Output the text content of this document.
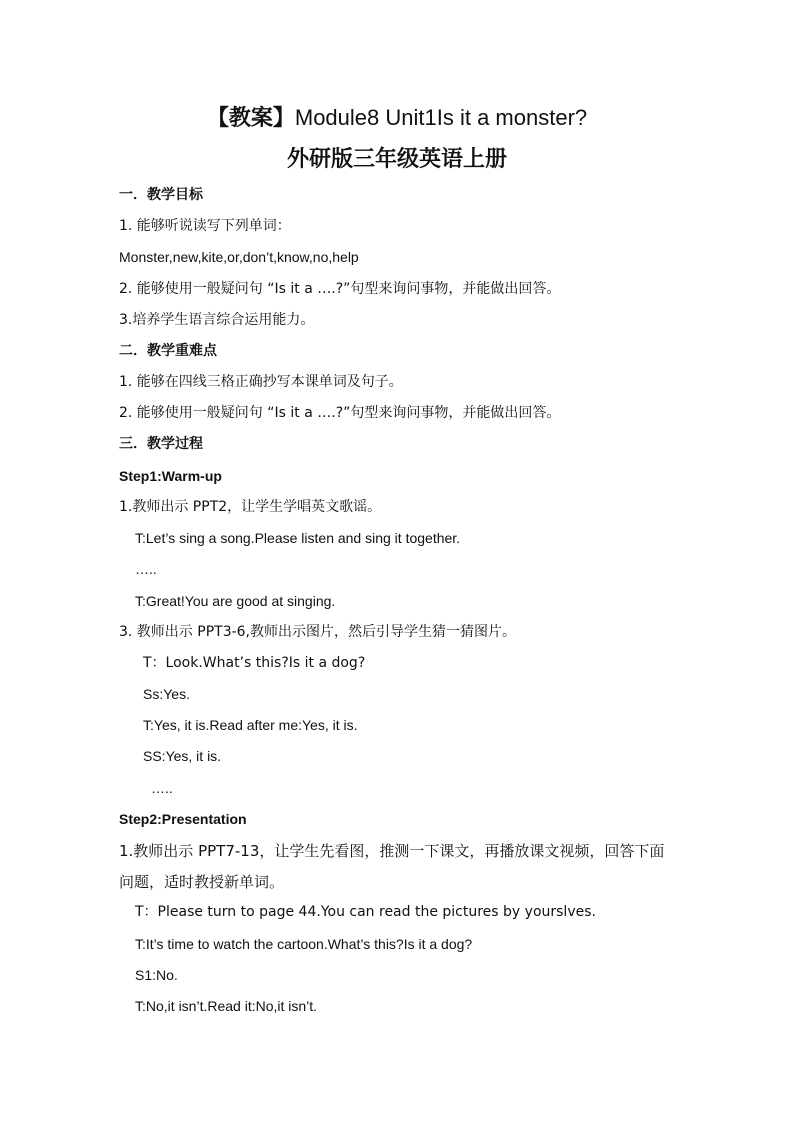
【教案】Module8 Unit1Is it a monster?
外研版三年级英语上册
一．教学目标
1. 能够听说读写下列单词：
Monster,new,kite,or,don’t,know,no,help
2. 能够使用一般疑问句 “Is it a ….?”句型来询问事物，并能做出回答。
3.培养学生语言综合运用能力。
二．教学重难点
1. 能够在四线三格正确抄写本课单词及句子。
2. 能够使用一般疑问句 “Is it a ….?”句型来询问事物，并能做出回答。
三．教学过程
Step1:Warm-up
1.教师出示 PPT2，让学生学唱英文歌谣。
T:Let’s sing a song.Please listen and sing it together.
…..
T:Great!You are good at singing.
3. 教师出示 PPT3-6,教师出示图片，然后引导学生猜一猜图片。
T：Look.What’s this?Is it a dog?
Ss:Yes.
T:Yes, it is.Read after me:Yes, it is.
SS:Yes, it is.
…..
Step2:Presentation
1.教师出示 PPT7-13，让学生先看图，推测一下课文，再播放课文视频，回答下面问题，适时教授新单词。
T：Please turn to page 44.You can read the pictures by yourslves.
T:It’s time to watch the cartoon.What’s this?Is it a dog?
S1:No.
T:No,it isn’t.Read it:No,it isn’t.
